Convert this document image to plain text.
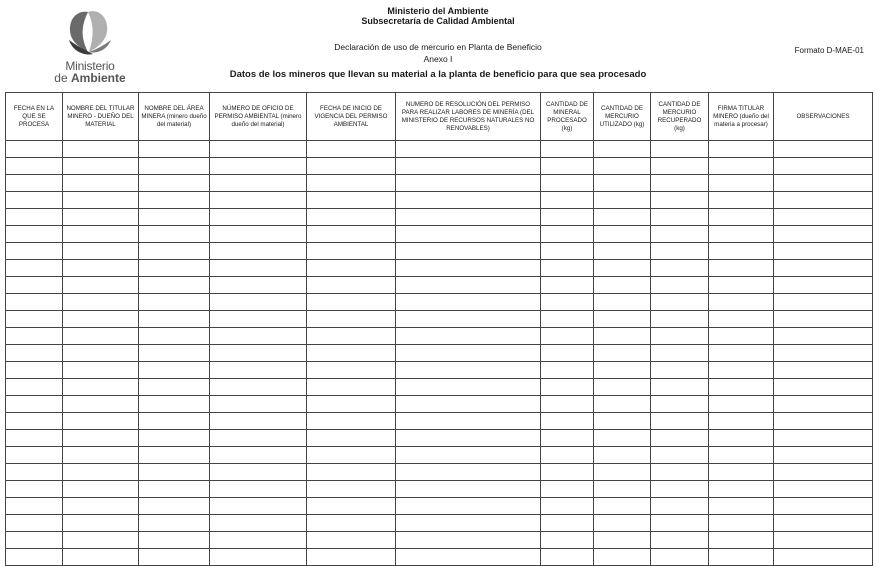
Ministerio
de Ambiente
Ministerio del Ambiente
Subsecretaría de Calidad Ambiental
Declaración de uso de mercurio en Planta de Beneficio
Anexo I
Datos de los mineros que llevan su material a la planta de beneficio para que sea procesado
Formato D-MAE-01
FECHA EN LA QUE SE PROCESA	NOMBRE DEL TITULAR MINERO - DUEÑO DEL MATERIAL	NOMBRE DEL ÁREA MINERA (minero dueño del material)	NÚMERO DE OFICIO DE PERMISO AMBIENTAL (minero dueño del material)	FECHA DE INICIO DE VIGENCIA DEL PERMISO AMBIENTAL	NUMERO DE RESOLUCIÓN DEL PERMISO PARA REALIZAR LABORES DE MINERÍA (DEL MINISTERIO DE RECURSOS NATURALES NO RENOVABLES)	CANTIDAD DE MINERAL PROCESADO (kg)	CANTIDAD DE MERCURIO UTILIZADO (kg)	CANTIDAD DE MERCURIO RECUPERADO (kg)	FIRMA TITULAR MINERO (dueño del materia a procesar)	OBSERVACIONES
